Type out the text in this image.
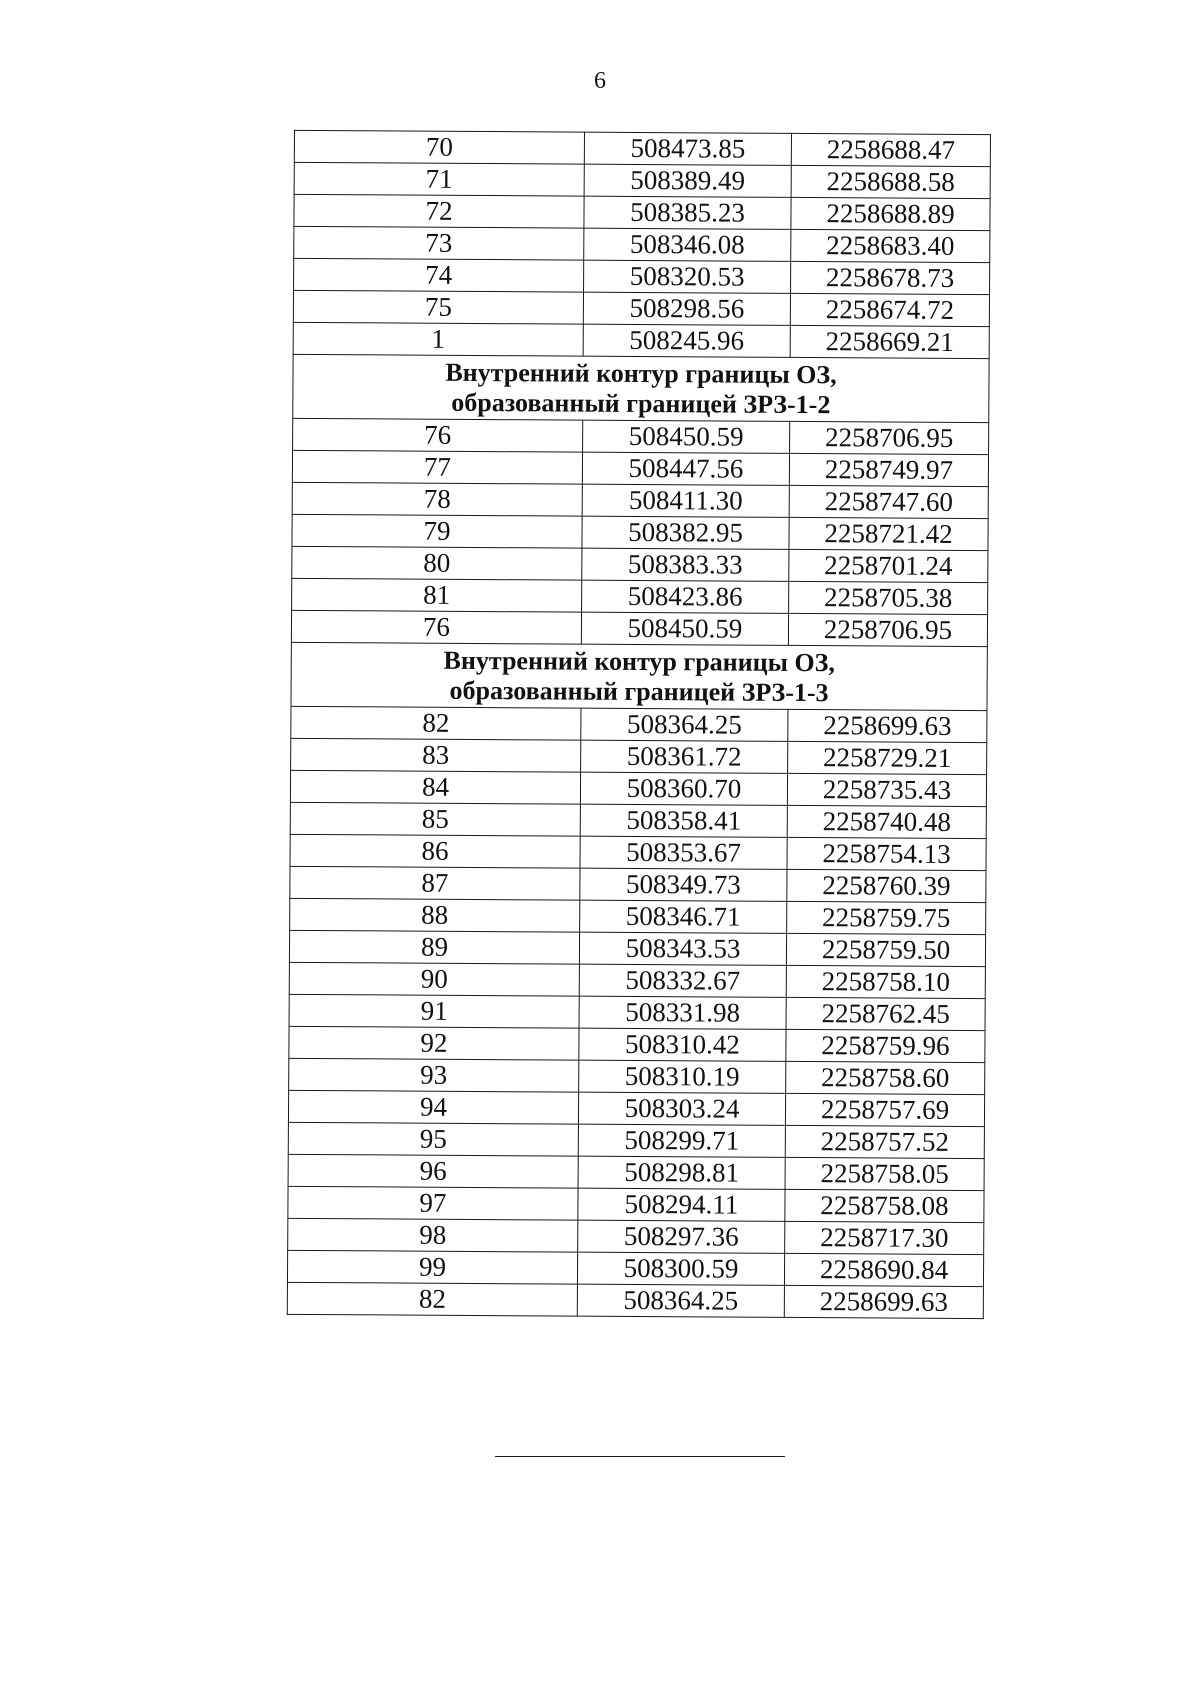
6
70	508473.85	2258688.47
71	508389.49	2258688.58
72	508385.23	2258688.89
73	508346.08	2258683.40
74	508320.53	2258678.73
75	508298.56	2258674.72
1	508245.96	2258669.21

Внутренний контур границы ОЗ,
образованный границей ЗРЗ-1-2		

76	508450.59	2258706.95
77	508447.56	2258749.97
78	508411.30	2258747.60
79	508382.95	2258721.42
80	508383.33	2258701.24
81	508423.86	2258705.38
76	508450.59	2258706.95

Внутренний контур границы ОЗ,
образованный границей ЗРЗ-1-3		

82	508364.25	2258699.63
83	508361.72	2258729.21
84	508360.70	2258735.43
85	508358.41	2258740.48
86	508353.67	2258754.13
87	508349.73	2258760.39
88	508346.71	2258759.75
89	508343.53	2258759.50
90	508332.67	2258758.10
91	508331.98	2258762.45
92	508310.42	2258759.96
93	508310.19	2258758.60
94	508303.24	2258757.69
95	508299.71	2258757.52
96	508298.81	2258758.05
97	508294.11	2258758.08
98	508297.36	2258717.30
99	508300.59	2258690.84
82	508364.25	2258699.63
